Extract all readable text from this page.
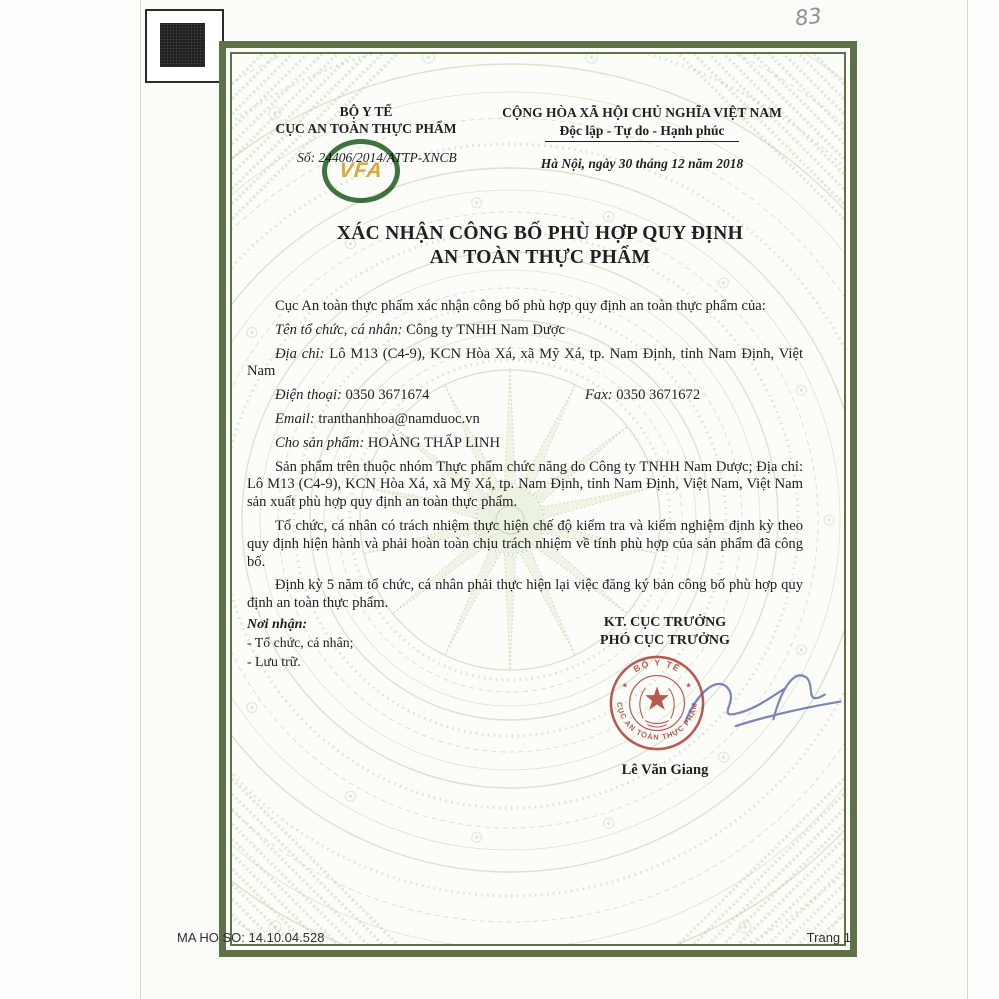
83
BỘ Y TẾ
CỤC AN TOÀN THỰC PHẨM
VFA
Số: 24406/2014/ATTP-XNCB
CỘNG HÒA XÃ HỘI CHỦ NGHĨA VIỆT NAM
Độc lập - Tự do - Hạnh phúc
Hà Nội, ngày 30 tháng 12 năm 2018
XÁC NHẬN CÔNG BỐ PHÙ HỢP QUY ĐỊNH
AN TOÀN THỰC PHẨM

Cục An toàn thực phẩm xác nhận công bố phù hợp quy định an toàn thực phẩm của:

Tên tổ chức, cá nhân: Công ty TNHH Nam Dược

Địa chỉ: Lô M13 (C4-9), KCN Hòa Xá, xã Mỹ Xá, tp. Nam Định, tỉnh Nam Định, Việt Nam

Điện thoại: 0350 3671674	Fax: 0350 3671672

Email: tranthanhhoa@namduoc.vn

Cho sản phẩm: HOÀNG THẤP LINH

Sản phẩm trên thuộc nhóm Thực phẩm chức năng do Công ty TNHH Nam Dược; Địa chỉ: Lô M13 (C4-9), KCN Hòa Xá, xã Mỹ Xá, tp. Nam Định, tỉnh Nam Định, Việt Nam, Việt Nam sản xuất phù hợp quy định an toàn thực phẩm.

Tổ chức, cá nhân có trách nhiệm thực hiện chế độ kiểm tra và kiểm nghiệm định kỳ theo quy định hiện hành và phải hoàn toàn chịu trách nhiệm về tính phù hợp của sản phẩm đã công bố.

Định kỳ 5 năm tổ chức, cá nhân phải thực hiện lại việc đăng ký bản công bố phù hợp quy định an toàn thực phẩm.

Nơi nhận:
- Tổ chức, cá nhân;
- Lưu trữ.
KT. CỤC TRƯỞNG
PHÓ CỤC TRƯỞNG
BỘ Y TẾ
CỤC AN TOÀN THỰC PHẨM
★	★
Lê Văn Giang
MA HO SO: 14.10.04.528	Trang 1
